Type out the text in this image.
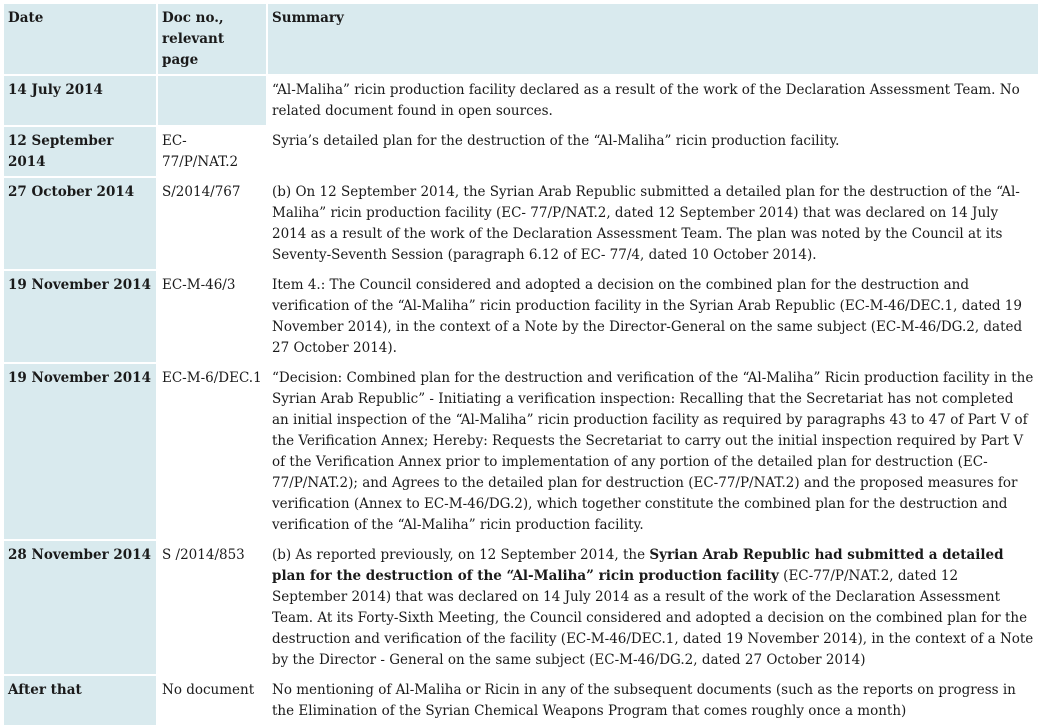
Date	Doc no., relevant page	Summary
14 July 2014		“Al-Maliha” ricin production facility declared as a result of the work of the Declaration Assessment Team. No related document found in open sources.
12 September 2014	EC-77/P/NAT.2	Syria’s detailed plan for the destruction of the “Al-Maliha” ricin production facility.
27 October 2014	S/2014/767	(b) On 12 September 2014, the Syrian Arab Republic submitted a detailed plan for the destruction of the “Al-Maliha” ricin production facility (EC- 77/P/NAT.2, dated 12 September 2014) that was declared on 14 July 2014 as a result of the work of the Declaration Assessment Team. The plan was noted by the Council at its Seventy-Seventh Session (paragraph 6.12 of EC- 77/4, dated 10 October 2014).
19 November 2014	EC-M-46/3	Item 4.: The Council considered and adopted a decision on the combined plan for the destruction and verification of the “Al-Maliha” ricin production facility in the Syrian Arab Republic (EC-M-46/DEC.1, dated 19 November 2014), in the context of a Note by the Director-General on the same subject (EC-M-46/DG.2, dated 27 October 2014).
19 November 2014	EC-M-6/DEC.1	“Decision: Combined plan for the destruction and verification of the “Al-Maliha” Ricin production facility in the Syrian Arab Republic” - Initiating a verification inspection: Recalling that the Secretariat has not completed an initial inspection of the “Al-Maliha” ricin production facility as required by paragraphs 43 to 47 of Part V of the Verification Annex; Hereby: Requests the Secretariat to carry out the initial inspection required by Part V of the Verification Annex prior to implementation of any portion of the detailed plan for destruction (EC-77/P/NAT.2); and Agrees to the detailed plan for destruction (EC-77/P/NAT.2) and the proposed measures for verification (Annex to EC-M-46/DG.2), which together constitute the combined plan for the destruction and verification of the “Al-Maliha” ricin production facility.
28 November 2014	S /2014/853	(b) As reported previously, on 12 September 2014, the Syrian Arab Republic had submitted a detailed plan for the destruction of the “Al-Maliha” ricin production facility (EC-77/P/NAT.2, dated 12 September 2014) that was declared on 14 July 2014 as a result of the work of the Declaration Assessment Team. At its Forty-Sixth Meeting, the Council considered and adopted a decision on the combined plan for the destruction and verification of the facility (EC-M-46/DEC.1, dated 19 November 2014), in the context of a Note by the Director - General on the same subject (EC-M-46/DG.2, dated 27 October 2014)
After that	No document	No mentioning of Al-Maliha or Ricin in any of the subsequent documents (such as the reports on progress in the Elimination of the Syrian Chemical Weapons Program that comes roughly once a month)
